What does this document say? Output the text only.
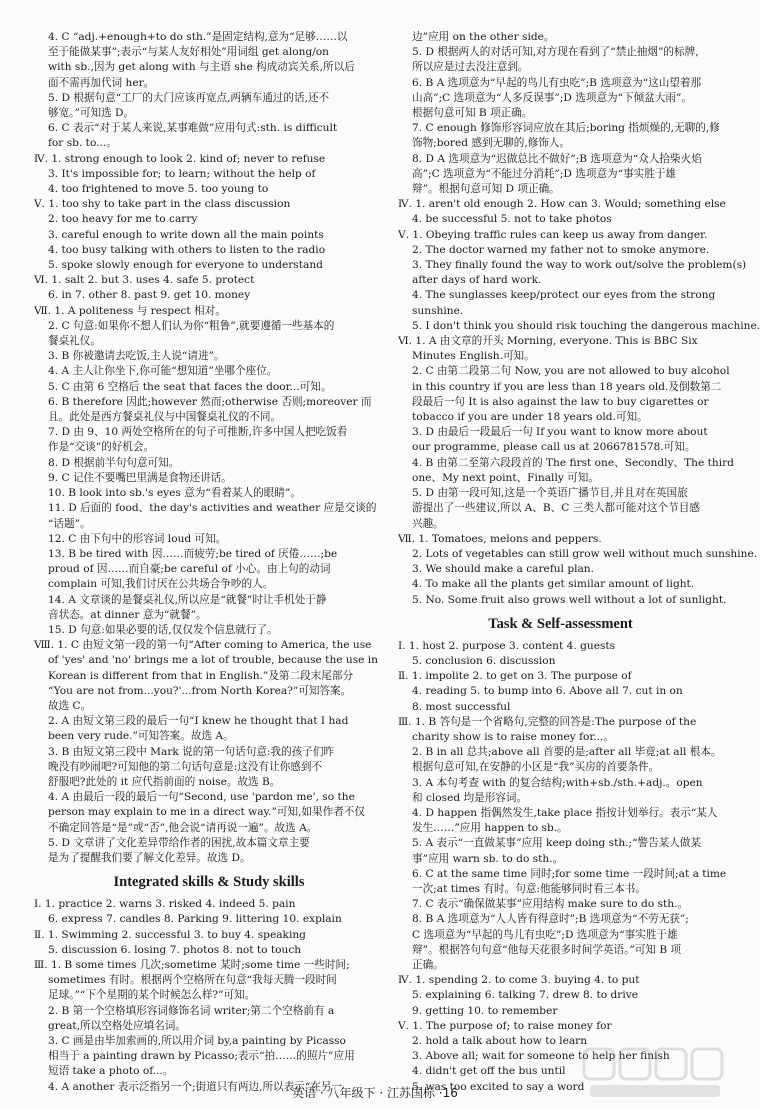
4. C “adj.+enough+to do sth.”是固定结构,意为“足够……以
至于能做某事”;表示“与某人友好相处”用词组 get along/on
with sb.,因为 get along with 与主语 she 构成动宾关系,所以后
面不需再加代词 her。
5. D 根据句意“工厂的大门应该再宽点,两辆车通过的话,还不
够宽。”可知选 D。
6. C 表示“对于某人来说,某事难做”应用句式:sth. is difficult
for sb. to...。
Ⅳ. 1. strong enough to look 2. kind of; never to refuse
3. It's impossible for; to learn; without the help of
4. too frightened to move 5. too young to
Ⅴ. 1. too shy to take part in the class discussion
2. too heavy for me to carry
3. careful enough to write down all the main points
4. too busy talking with others to listen to the radio
5. spoke slowly enough for everyone to understand
Ⅵ. 1. salt 2. but 3. uses 4. safe 5. protect
6. in 7. other 8. past 9. get 10. money
Ⅶ. 1. A politeness 与 respect 相对。
2. C 句意:如果你不想人们认为你“粗鲁”,就要遵循一些基本的
餐桌礼仪。
3. B 你被邀请去吃饭,主人说“请进”。
4. A 主人让你坐下,你可能“想知道”坐哪个座位。
5. C 由第 6 空格后 the seat that faces the door...可知。
6. B therefore 因此;however 然而;otherwise 否则;moreover 而
且。此处是西方餐桌礼仪与中国餐桌礼仪的不同。
7. D 由 9、10 两处空格所在的句子可推断,许多中国人把吃饭看
作是“交谈”的好机会。
8. D 根据前半句句意可知。
9. C 记住不要嘴巴里满是食物还讲话。
10. B look into sb.'s eyes 意为“看着某人的眼睛”。
11. D 后面的 food、the day's activities and weather 应是交谈的
“话题”。
12. C 由下句中的形容词 loud 可知。
13. B be tired with 因……而疲劳;be tired of 厌倦……;be
proud of 因……而自豪;be careful of 小心。由上句的动词
complain 可知,我们讨厌在公共场合争吵的人。
14. A 文章谈的是餐桌礼仪,所以应是“就餐”时让手机处于静
音状态。at dinner 意为“就餐”。
15. D 句意:如果必要的话,仅仅发个信息就行了。
Ⅷ. 1. C 由短文第一段的第一句“After coming to America, the use
of 'yes' and 'no' brings me a lot of trouble, because the use in
Korean is different from that in English.”及第二段末尾部分
“You are not from...you?'...from North Korea?”可知答案。
故选 C。
2. A 由短文第三段的最后一句“I knew he thought that I had
been very rude.”可知答案。故选 A。
3. B 由短文第三段中 Mark 说的第一句话句意:我的孩子们昨
晚没有吵闹吧?可知他的第二句话句意是:这没有让你感到不
舒服吧?此处的 it 应代指前面的 noise。故选 B。
4. A 由最后一段的最后一句“Second, use 'pardon me', so the
person may explain to me in a direct way.”可知,如果作者不仅
不确定回答是“是”或“否”,他会说“请再说一遍”。故选 A。
5. D 文章讲了文化差异带给作者的困扰,故本篇文章主要
是为了提醒我们要了解文化差异。故选 D。
Integrated skills & Study skills
Ⅰ. 1. practice 2. warns 3. risked 4. indeed 5. pain
6. express 7. candles 8. Parking 9. littering 10. explain
Ⅱ. 1. Swimming 2. successful 3. to buy 4. speaking
5. discussion 6. losing 7. photos 8. not to touch
Ⅲ. 1. B some times 几次;sometime 某时;some time 一些时间;
sometimes 有时。根据两个空格所在句意“我每天腾一段时间
足球。”“下个星期的某个时候怎么样?”可知。
2. B 第一个空格填形容词修饰名词 writer;第二个空格前有 a
great,所以空格处应填名词。
3. C 画是由毕加索画的,所以用介词 by,a painting by Picasso
相当于 a painting drawn by Picasso;表示“拍……的照片”应用
短语 take a photo of...。
4. A another 表示泛指另一个;街道只有两边,所以表示“在另一
边”应用 on the other side。
5. D 根据两人的对话可知,对方现在看到了“禁止抽烟”的标牌,
所以应是过去没注意到。
6. B A 选项意为“早起的鸟儿有虫吃”;B 选项意为“这山望着那
山高”;C 选项意为“人多反误事”;D 选项意为“下倾盆大雨”。
根据句意可知 B 项正确。
7. C enough 修饰形容词应放在其后;boring 指烦燥的,无聊的,修
饰物;bored 感到无聊的,修饰人。
8. D A 选项意为“迟做总比不做好”;B 选项意为“众人拾柴火焰
高”;C 选项意为“不能过分消耗”;D 选项意为“事实胜于雄
辩”。根据句意可知 D 项正确。
Ⅳ. 1. aren't old enough 2. How can 3. Would; something else
4. be successful 5. not to take photos
Ⅴ. 1. Obeying traffic rules can keep us away from danger.
2. The doctor warned my father not to smoke anymore.
3. They finally found the way to work out/solve the problem(s)
after days of hard work.
4. The sunglasses keep/protect our eyes from the strong
sunshine.
5. I don't think you should risk touching the dangerous machine.
Ⅵ. 1. A 由文章的开头 Morning, everyone. This is BBC Six
Minutes English.可知。
2. C 由第二段第二句 Now, you are not allowed to buy alcohol
in this country if you are less than 18 years old.及倒数第二
段最后一句 It is also against the law to buy cigarettes or
tobacco if you are under 18 years old.可知。
3. D 由最后一段最后一句 If you want to know more about
our programme, please call us at 2066781578.可知。
4. B 由第二至第六段段首的 The first one、Secondly、The third
one、My next point、Finally 可知。
5. D 由第一段可知,这是一个英语广播节目,并且对在英国旅
游提出了一些建议,所以 A、B、C 三类人都可能对这个节目感
兴趣。
Ⅶ. 1. Tomatoes, melons and peppers.
2. Lots of vegetables can still grow well without much sunshine.
3. We should make a careful plan.
4. To make all the plants get similar amount of light.
5. No. Some fruit also grows well without a lot of sunlight.
Task & Self-assessment
Ⅰ. 1. host 2. purpose 3. content 4. guests
5. conclusion 6. discussion
Ⅱ. 1. impolite 2. to get on 3. The purpose of
4. reading 5. to bump into 6. Above all 7. cut in on
8. most successful
Ⅲ. 1. B 答句是一个省略句,完整的回答是:The purpose of the
charity show is to raise money for...。
2. B in all 总共;above all 首要的是;after all 毕竟;at all 根本。
根据句意可知,在安静的小区是“我”买房的首要条件。
3. A 本句考查 with 的复合结构;with+sb./sth.+adj.。open
和 closed 均是形容词。
4. D happen 指偶然发生,take place 指按计划举行。表示“某人
发生……”应用 happen to sb.。
5. A 表示“一直做某事”应用 keep doing sth.;“警告某人做某
事”应用 warn sb. to do sth.。
6. C at the same time 同时;for some time 一段时间;at a time
一次;at times 有时。句意:他能够同时看三本书。
7. C 表示“确保做某事”应用结构 make sure to do sth.。
8. B A 选项意为“人人皆有得意时”;B 选项意为“不劳无获”;
C 选项意为“早起的鸟儿有虫吃”;D 选项意为“事实胜于雄
辩”。根据答句句意“他每天花很多时间学英语。”可知 B 项
正确。
Ⅳ. 1. spending 2. to come 3. buying 4. to put
5. explaining 6. talking 7. drew 8. to drive
9. getting 10. to remember
Ⅴ. 1. The purpose of; to raise money for
2. hold a talk about how to learn
3. Above all; wait for someone to help her finish
4. didn't get off the bus until
5. was too excited to say a word
英语 · 八年级下 · 江苏国标 ·16
